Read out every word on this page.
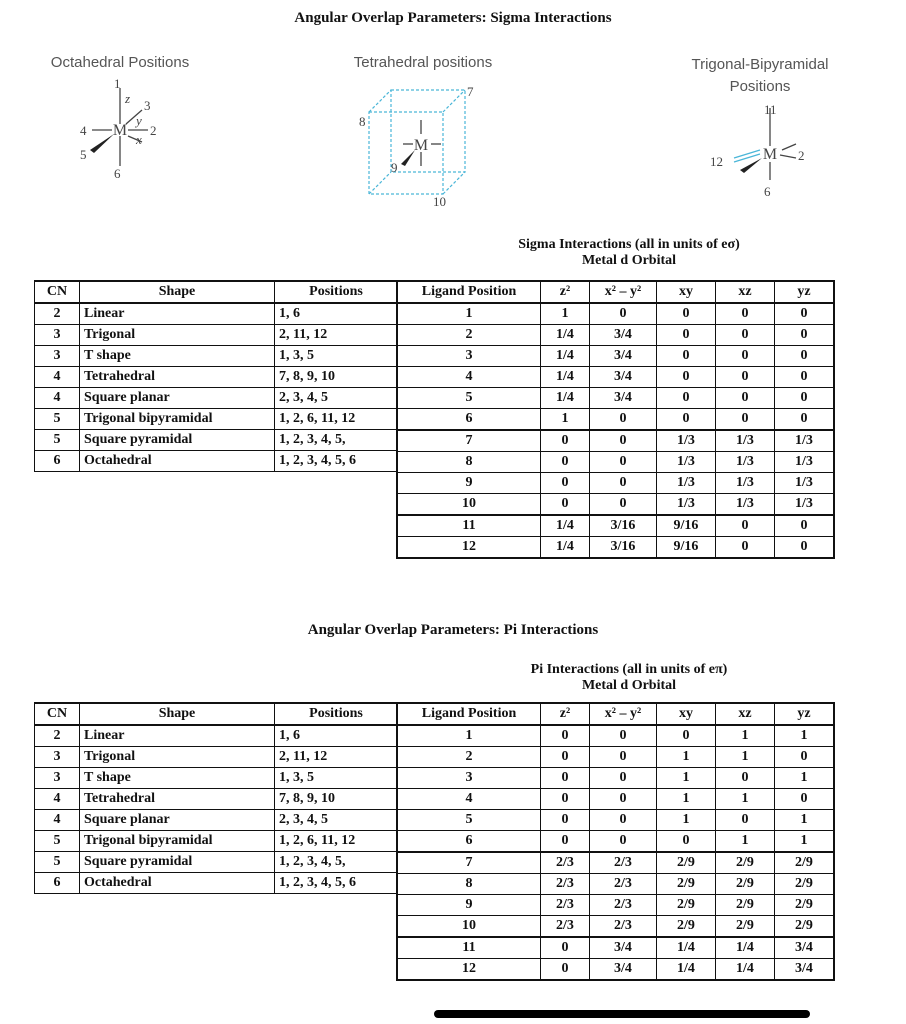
Angular Overlap Parameters: Sigma Interactions
Octahedral Positions
M
1
z 3
y
2
x
4
5
6
Tetrahedral positions
M
7
8
9
10
Trigonal-Bipyramidal
Positions
M
11
2
12
6
Sigma Interactions (all in units of eσ)
Metal d Orbital
CN	Shape	Positions
2	Linear	1, 6
3	Trigonal	2, 11, 12
3	T shape	1, 3, 5
4	Tetrahedral	7, 8, 9, 10
4	Square planar	2, 3, 4, 5
5	Trigonal bipyramidal	1, 2, 6, 11, 12
5	Square pyramidal	1, 2, 3, 4, 5,
6	Octahedral	1, 2, 3, 4, 5, 6
Ligand Position	z²	x² – y²	xy	xz	yz
1	1	0	0	0	0
2	1/4	3/4	0	0	0
3	1/4	3/4	0	0	0
4	1/4	3/4	0	0	0
5	1/4	3/4	0	0	0
6	1	0	0	0	0
7	0	0	1/3	1/3	1/3
8	0	0	1/3	1/3	1/3
9	0	0	1/3	1/3	1/3
10	0	0	1/3	1/3	1/3
11	1/4	3/16	9/16	0	0
12	1/4	3/16	9/16	0	0
Angular Overlap Parameters: Pi Interactions
Pi Interactions (all in units of eπ)
Metal d Orbital
CN	Shape	Positions
2	Linear	1, 6
3	Trigonal	2, 11, 12
3	T shape	1, 3, 5
4	Tetrahedral	7, 8, 9, 10
4	Square planar	2, 3, 4, 5
5	Trigonal bipyramidal	1, 2, 6, 11, 12
5	Square pyramidal	1, 2, 3, 4, 5,
6	Octahedral	1, 2, 3, 4, 5, 6
Ligand Position	z²	x² – y²	xy	xz	yz
1	0	0	0	1	1
2	0	0	1	1	0
3	0	0	1	0	1
4	0	0	1	1	0
5	0	0	1	0	1
6	0	0	0	1	1
7	2/3	2/3	2/9	2/9	2/9
8	2/3	2/3	2/9	2/9	2/9
9	2/3	2/3	2/9	2/9	2/9
10	2/3	2/3	2/9	2/9	2/9
11	0	3/4	1/4	1/4	3/4
12	0	3/4	1/4	1/4	3/4
